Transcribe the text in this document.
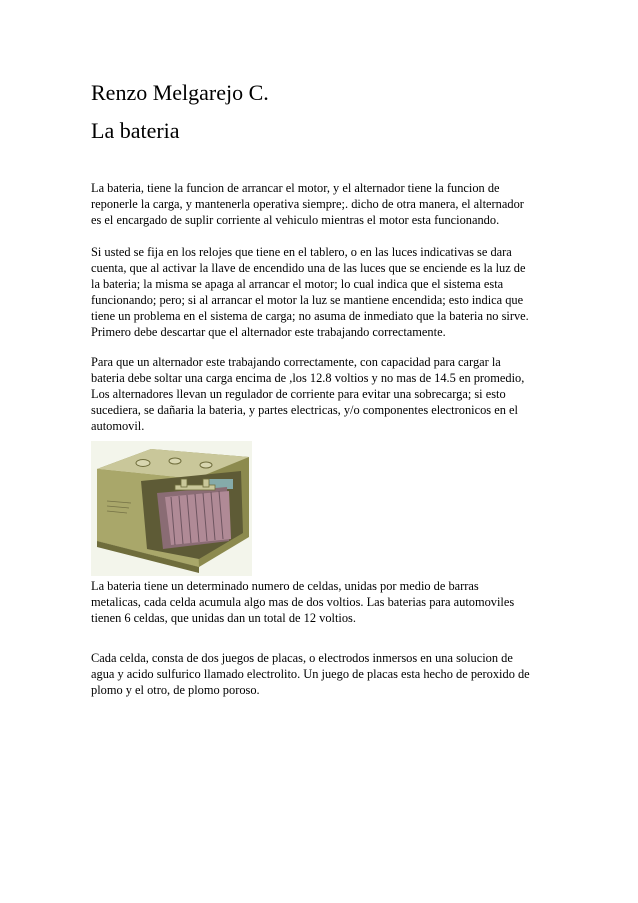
Renzo Melgarejo C.
La bateria

La bateria, tiene la funcion de arrancar el motor, y el alternador tiene la funcion de
reponerle la carga, y mantenerla operativa siempre;. dicho de otra manera, el alternador
es el encargado de suplir corriente al vehiculo mientras el motor esta funcionando.

Si usted se fija en los relojes que tiene en el tablero, o en las luces indicativas se dara
cuenta, que al activar la llave de encendido una de las luces que se enciende es la luz de
la bateria; la misma se apaga al arrancar el motor; lo cual indica que el sistema esta
funcionando; pero; si al arrancar el motor la luz se mantiene encendida; esto indica que
tiene un problema en el sistema de carga; no asuma de inmediato que la bateria no sirve.
Primero debe descartar que el alternador este trabajando correctamente.

Para que un alternador este trabajando correctamente, con capacidad para cargar la
bateria debe soltar una carga encima de ,los 12.8 voltios y no mas de 14.5 en promedio,
Los alternadores llevan un regulador de corriente para evitar una sobrecarga; si esto
sucediera, se dañaria la bateria, y partes electricas, y/o componentes electronicos en el
automovil.

La bateria tiene un determinado numero de celdas, unidas por medio de barras
metalicas, cada celda acumula algo mas de dos voltios. Las baterias para automoviles
tienen 6 celdas, que unidas dan un total de 12 voltios.

Cada celda, consta de dos juegos de placas, o electrodos inmersos en una solucion de
agua y acido sulfurico llamado electrolito. Un juego de placas esta hecho de peroxido de
plomo y el otro, de plomo poroso.
